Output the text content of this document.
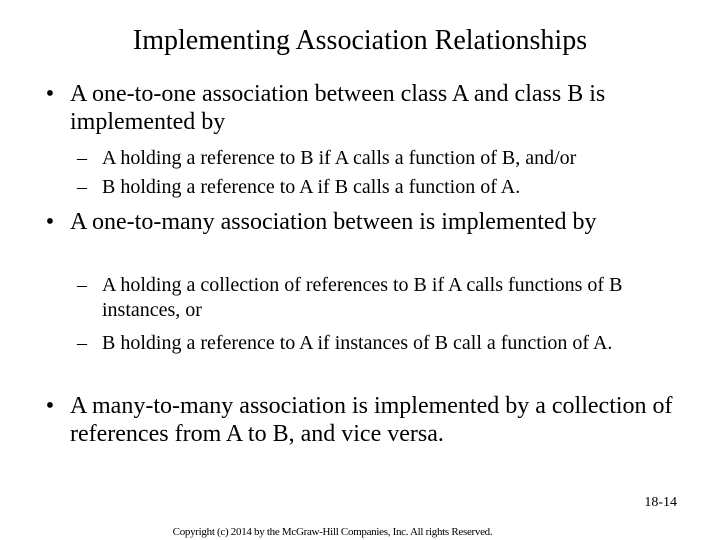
Implementing Association Relationships
• A one-to-one association between class A and class B is implemented by
– A holding a reference to B if A calls a function of B, and/or
– B holding a reference to A if B calls a function of A.
• A one-to-many association between is implemented by
– A holding a collection of references to B if A calls functions of B instances, or
– B holding a reference to A if instances of B call a function of A.
• A many-to-many association is implemented by a collection of references from A to B, and vice versa.
18-14
Copyright (c) 2014 by the McGraw-Hill Companies, Inc. All rights Reserved.
